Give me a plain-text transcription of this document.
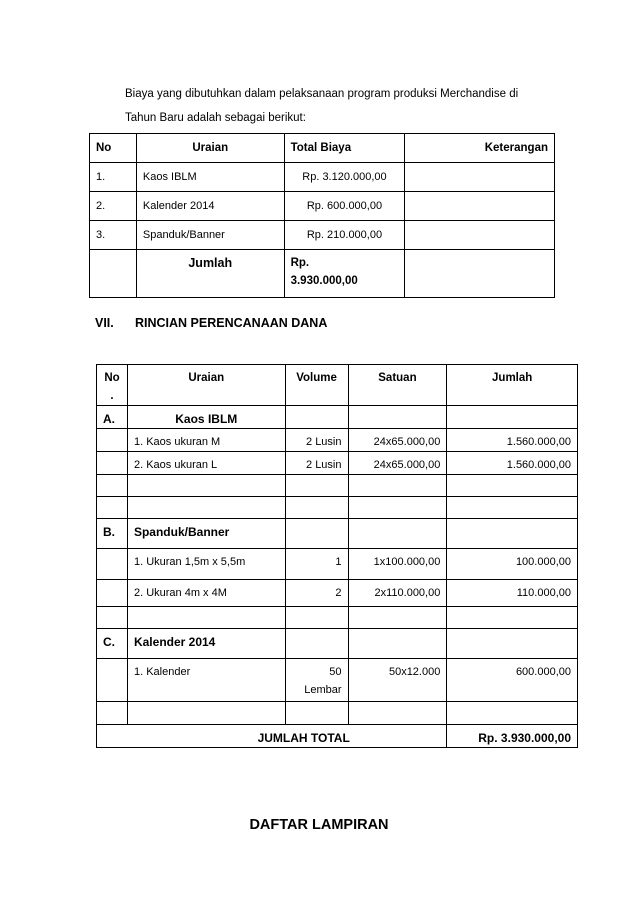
Biaya yang dibutuhkan dalam pelaksanaan program produksi Merchandise di
Tahun Baru adalah sebagai berikut:
No	Uraian	Total Biaya	Keterangan
1.	Kaos IBLM	Rp. 3.120.000,00	
2.	Kalender 2014	Rp. 600.000,00	
3.	Spanduk/Banner	Rp. 210.000,00	
	Jumlah	Rp.
3.930.000,00	

VII. RINCIAN PERENCANAAN DANA
No
.	Uraian	Volume	Satuan	Jumlah
A.	Kaos IBLM			
	1. Kaos ukuran M	2 Lusin	24x65.000,00	1.560.000,00
	2. Kaos ukuran L	2 Lusin	24x65.000,00	1.560.000,00

B.	Spanduk/Banner			
	1. Ukuran 1,5m x 5,5m	1	1x100.000,00	100.000,00
	2. Ukuran 4m x 4M	2	2x110.000,00	110.000,00

C.	Kalender 2014			
	1. Kalender	50
Lembar	50x12.000	600.000,00

JUMLAH TOTAL				Rp. 3.930.000,00
DAFTAR LAMPIRAN
